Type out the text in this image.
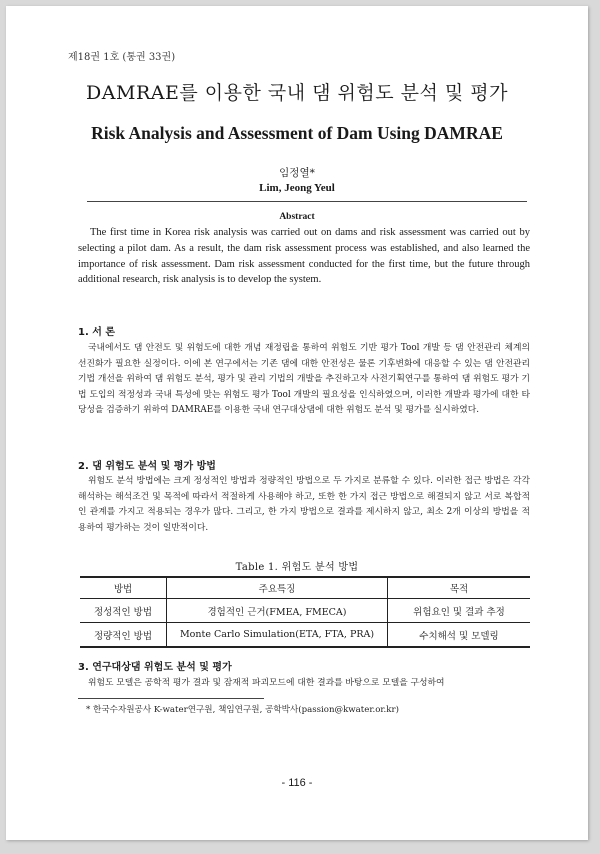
제18권 1호 (통권 33권)
DAMRAE를 이용한 국내 댐 위험도 분석 및 평가
Risk Analysis and Assessment of Dam Using DAMRAE
임정열*
Lim, Jeong Yeul
Abstract
The first time in Korea risk analysis was carried out on dams and risk assessment was carried out by selecting a pilot dam. As a result, the dam risk assessment process was established, and also learned the importance of risk assessment. Dam risk assessment conducted for the first time, but the future through additional research, risk analysis is to develop the system.
1. 서 론
국내에서도 댐 안전도 및 위험도에 대한 개념 재정립을 통하여 위험도 기반 평가 Tool 개발 등 댐 안전관리 체계의 선진화가 필요한 실정이다. 이에 본 연구에서는 기존 댐에 대한 안전성은 물론 기후변화에 대응할 수 있는 댐 안전관리 기법 개선을 위하여 댐 위험도 분석, 평가 및 관리 기법의 개발을 추진하고자 사전기획연구를 통하여 댐 위험도 평가 기법 도입의 적정성과 국내 특성에 맞는 위험도 평가 Tool 개발의 필요성을 인식하였으며, 이러한 개발과 평가에 대한 타당성을 검증하기 위하여 DAMRAE를 이용한 국내 연구대상댐에 대한 위험도 분석 및 평가를 실시하였다.
2. 댐 위험도 분석 및 평가 방법
위험도 분석 방법에는 크게 정성적인 방법과 정량적인 방법으로 두 가지로 분류할 수 있다. 이러한 접근 방법은 각각 해석하는 해석조건 및 목적에 따라서 적절하게 사용해야 하고, 또한 한 가지 접근 방법으로 해결되지 않고 서로 복합적인 관계를 가지고 적용되는 경우가 많다. 그리고, 한 가지 방법으로 결과를 제시하지 않고, 최소 2개 이상의 방법을 적용하여 평가하는 것이 일반적이다.
Table 1. 위험도 분석 방법
방법	주요특징	목적
정성적인 방법	경험적인 근거(FMEA, FMECA)	위험요인 및 결과 추정
정량적인 방법	Monte Carlo Simulation(ETA, FTA, PRA)	수치해석 및 모델링
3. 연구대상댐 위험도 분석 및 평가
위험도 모델은 공학적 평가 결과 및 잠재적 파괴모드에 대한 결과를 바탕으로 모델을 구성하여
* 한국수자원공사 K-water연구원, 책임연구원, 공학박사(passion@kwater.or.kr)
- 116 -
